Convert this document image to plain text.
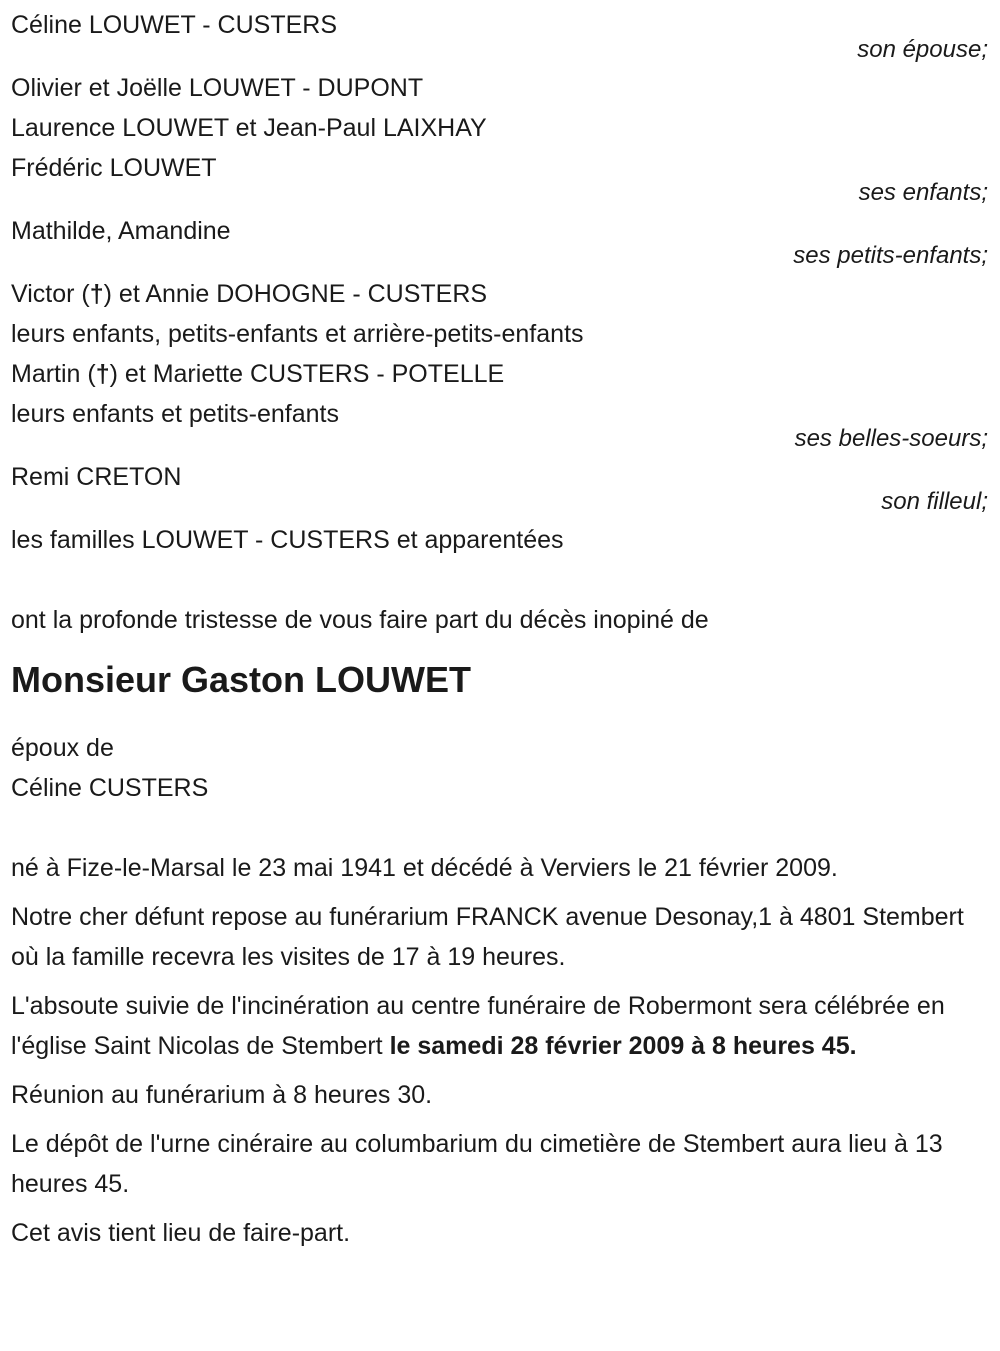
Céline LOUWET - CUSTERS
son épouse;
Olivier et Joëlle LOUWET - DUPONT
Laurence LOUWET et Jean-Paul LAIXHAY
Frédéric LOUWET
ses enfants;
Mathilde, Amandine
ses petits-enfants;
Victor (†) et Annie DOHOGNE - CUSTERS
leurs enfants, petits-enfants et arrière-petits-enfants
Martin (†) et Mariette CUSTERS - POTELLE
leurs enfants et petits-enfants
ses belles-soeurs;
Remi CRETON
son filleul;
les familles LOUWET - CUSTERS et apparentées
ont la profonde tristesse de vous faire part du décès inopiné de
Monsieur Gaston LOUWET
époux de
Céline CUSTERS

né à Fize-le-Marsal le 23 mai 1941 et décédé à Verviers le 21 février 2009.

Notre cher défunt repose au funérarium FRANCK avenue Desonay,1 à 4801 Stembert où la famille recevra les visites de 17 à 19 heures.

L'absoute suivie de l'incinération au centre funéraire de Robermont sera célébrée en l'église Saint Nicolas de Stembert le samedi 28 février 2009 à 8 heures 45.

Réunion au funérarium à 8 heures 30.

Le dépôt de l'urne cinéraire au columbarium du cimetière de Stembert aura lieu à 13 heures 45.

Cet avis tient lieu de faire-part.
